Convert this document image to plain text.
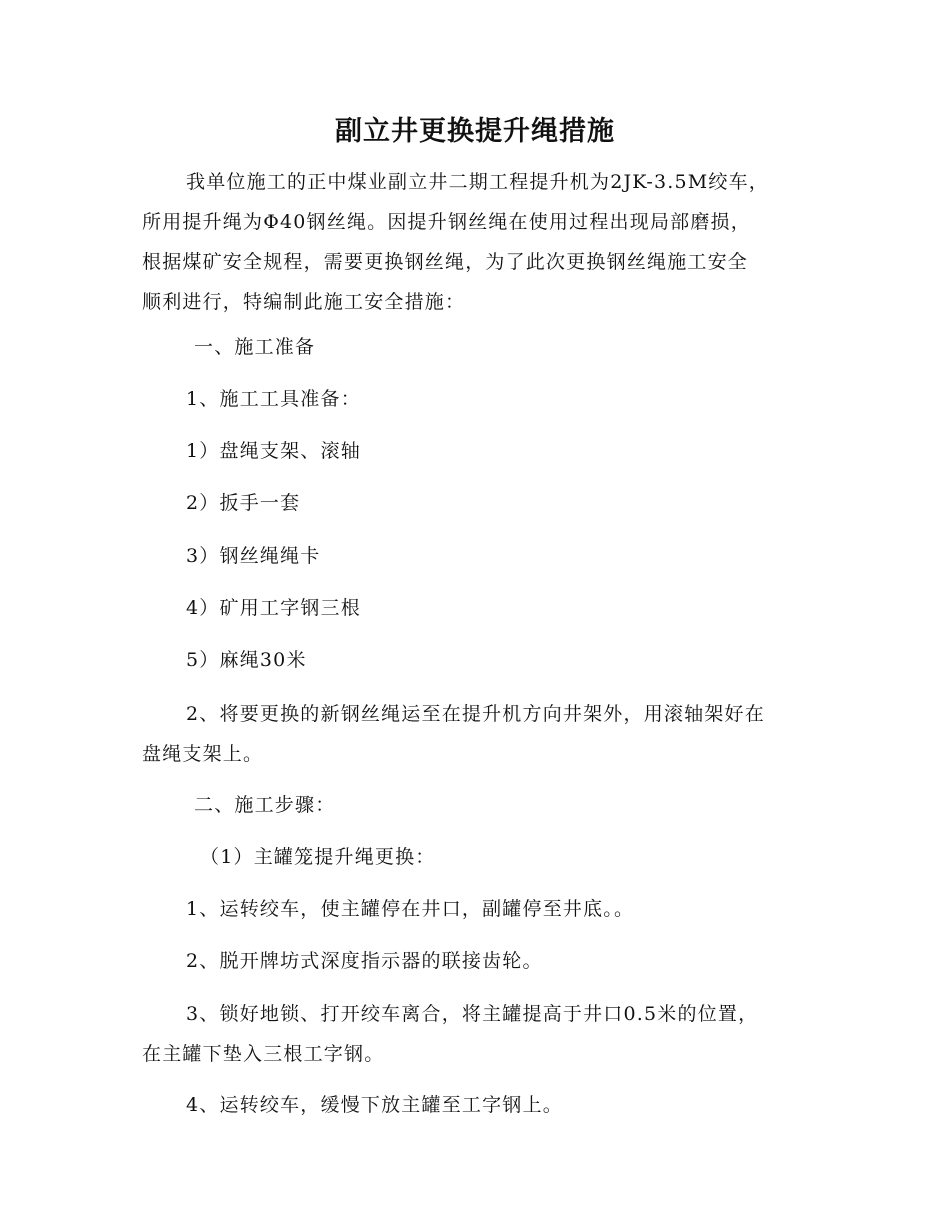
副立井更换提升绳措施

我单位施工的正中煤业副立井二期工程提升机为2JK-3.5M绞车，
所用提升绳为Φ40钢丝绳。因提升钢丝绳在使用过程出现局部磨损，
根据煤矿安全规程，需要更换钢丝绳，为了此次更换钢丝绳施工安全
顺利进行，特编制此施工安全措施：

一、施工准备

1、施工工具准备：

1）盘绳支架、滚轴

2）扳手一套

3）钢丝绳绳卡

4）矿用工字钢三根

5）麻绳30米

2、将要更换的新钢丝绳运至在提升机方向井架外，用滚轴架好在
盘绳支架上。

二、施工步骤：

（1）主罐笼提升绳更换：

1、运转绞车，使主罐停在井口，副罐停至井底。。

2、脱开牌坊式深度指示器的联接齿轮。

3、锁好地锁、打开绞车离合，将主罐提高于井口0.5米的位置，
在主罐下垫入三根工字钢。

4、运转绞车，缓慢下放主罐至工字钢上。
